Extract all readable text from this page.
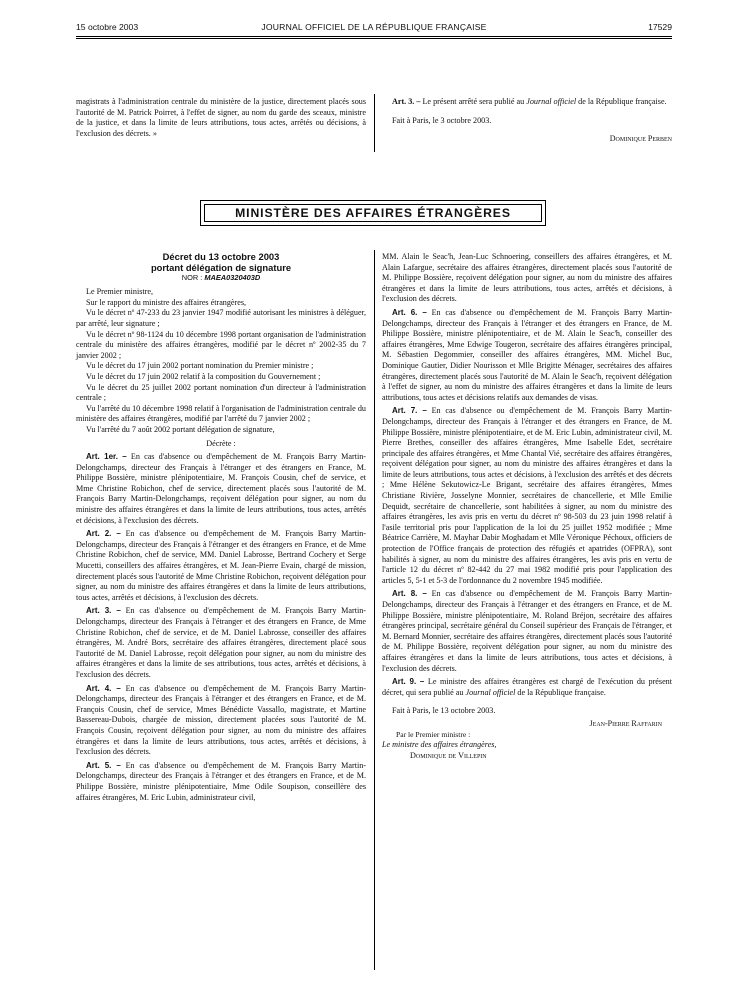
15 octobre 2003	JOURNAL OFFICIEL DE LA RÉPUBLIQUE FRANÇAISE	17529

magistrats à l'administration centrale du ministère de la justice, directement placés sous l'autorité de M. Patrick Poirret, à l'effet de signer, au nom du garde des sceaux, ministre de la justice, et dans la limite de leurs attributions, tous actes, arrêtés ou décisions, à l'exclusion des décrets. »

Art. 3. – Le présent arrêté sera publié au Journal officiel de la République française.

Fait à Paris, le 3 octobre 2003.

Dominique Perben
MINISTÈRE DES AFFAIRES ÉTRANGÈRES
Décret du 13 octobre 2003
portant délégation de signature
NOR : MAEA0320403D

Le Premier ministre,

Sur le rapport du ministre des affaires étrangères,

Vu le décret nº 47-233 du 23 janvier 1947 modifié autorisant les ministres à déléguer, par arrêté, leur signature ;

Vu le décret nº 98-1124 du 10 décembre 1998 portant organisation de l'administration centrale du ministère des affaires étrangères, modifié par le décret nº 2002-35 du 7 janvier 2002 ;

Vu le décret du 17 juin 2002 portant nomination du Premier ministre ;

Vu le décret du 17 juin 2002 relatif à la composition du Gouvernement ;

Vu le décret du 25 juillet 2002 portant nomination d'un directeur à l'administration centrale ;

Vu l'arrêté du 10 décembre 1998 relatif à l'organisation de l'administration centrale du ministère des affaires étrangères, modifié par l'arrêté du 7 janvier 2002 ;

Vu l'arrêté du 7 août 2002 portant délégation de signature,

Décrète :

Art. 1er. – En cas d'absence ou d'empêchement de M. François Barry Martin-Delongchamps, directeur des Français à l'étranger et des étrangers en France, M. Philippe Bossière, ministre plénipotentiaire, M. François Cousin, chef de service, et Mme Christine Robichon, chef de service, directement placés sous l'autorité de M. François Barry Martin-Delongchamps, reçoivent délégation pour signer, au nom du ministre des affaires étrangères et dans la limite de leurs attributions, tous actes, arrêtés et décisions, à l'exclusion des décrets.

Art. 2. – En cas d'absence ou d'empêchement de M. François Barry Martin-Delongchamps, directeur des Français à l'étranger et des étrangers en France, et de Mme Christine Robichon, chef de service, MM. Daniel Labrosse, Bertrand Cochery et Serge Mucetti, conseillers des affaires étrangères, et M. Jean-Pierre Evain, chargé de mission, directement placés sous l'autorité de Mme Christine Robichon, reçoivent délégation pour signer, au nom du ministre des affaires étrangères et dans la limite de leurs attributions, tous actes, arrêtés et décisions, à l'exclusion des décrets.

Art. 3. – En cas d'absence ou d'empêchement de M. François Barry Martin-Delongchamps, directeur des Français à l'étranger et des étrangers en France, de Mme Christine Robichon, chef de service, et de M. Daniel Labrosse, conseiller des affaires étrangères, M. André Bors, secrétaire des affaires étrangères, directement placé sous l'autorité de M. Daniel Labrosse, reçoit délégation pour signer, au nom du ministre des affaires étrangères et dans la limite de ses attributions, tous actes, arrêtés et décisions, à l'exclusion des décrets.

Art. 4. – En cas d'absence ou d'empêchement de M. François Barry Martin-Delongchamps, directeur des Français à l'étranger et des étrangers en France, et de M. François Cousin, chef de service, Mmes Bénédicte Vassallo, magistrate, et Martine Bassereau-Dubois, chargée de mission, directement placées sous l'autorité de M. François Cousin, reçoivent délégation pour signer, au nom du ministre des affaires étrangères et dans la limite de leurs attributions, tous actes, arrêtés et décisions, à l'exclusion des décrets.

Art. 5. – En cas d'absence ou d'empêchement de M. François Barry Martin-Delongchamps, directeur des Français à l'étranger et des étrangers en France, et de M. Philippe Bossière, ministre plénipotentiaire, Mme Odile Soupison, conseillère des affaires étrangères, M. Eric Lubin, administrateur civil,

MM. Alain le Seac'h, Jean-Luc Schnoering, conseillers des affaires étrangères, et M. Alain Lafargue, secrétaire des affaires étrangères, directement placés sous l'autorité de M. Philippe Bossière, reçoivent délégation pour signer, au nom du ministre des affaires étrangères et dans la limite de leurs attributions, tous actes, arrêtés et décisions, à l'exclusion des décrets.

Art. 6. – En cas d'absence ou d'empêchement de M. François Barry Martin-Delongchamps, directeur des Français à l'étranger et des étrangers en France, de M. Philippe Bossière, ministre plénipotentiaire, et de M. Alain le Seac'h, conseiller des affaires étrangères, Mme Edwige Tougeron, secrétaire des affaires étrangères principal, M. Sébastien Degommier, conseiller des affaires étrangères, MM. Michel Buc, Dominique Gautier, Didier Nourisson et Mlle Brigitte Ménager, secrétaires des affaires étrangères, directement placés sous l'autorité de M. Alain le Seac'h, reçoivent délégation à l'effet de signer, au nom du ministre des affaires étrangères et dans la limite de leurs attributions, tous actes et décisions relatifs aux demandes de visas.

Art. 7. – En cas d'absence ou d'empêchement de M. François Barry Martin-Delongchamps, directeur des Français à l'étranger et des étrangers en France, de M. Philippe Bossière, ministre plénipotentiaire, et de M. Eric Lubin, administrateur civil, M. Pierre Brethes, conseiller des affaires étrangères, Mme Isabelle Edet, secrétaire principale des affaires étrangères, et Mme Chantal Vié, secrétaire des affaires étrangères, reçoivent délégation pour signer, au nom du ministre des affaires étrangères et dans la limite de leurs attributions, tous actes et décisions, à l'exclusion des arrêtés et des décrets ; Mme Hélène Sekutowicz-Le Brigant, secrétaire des affaires étrangères, Mmes Christiane Rivière, Josselyne Monnier, secrétaires de chancellerie, et Mlle Emilie Dequidt, secrétaire de chancellerie, sont habilitées à signer, au nom du ministre des affaires étrangères, les avis pris en vertu du décret nº 98-503 du 23 juin 1998 relatif à l'asile territorial pris pour l'application de la loi du 25 juillet 1952 modifiée ; Mme Béatrice Carrière, M. Mayhar Dabir Moghadam et Mlle Véronique Péchoux, officiers de protection de l'Office français de protection des réfugiés et apatrides (OFPRA), sont habilités à signer, au nom du ministre des affaires étrangères, les avis pris en vertu de l'article 12 du décret nº 82-442 du 27 mai 1982 modifié pris pour l'application des articles 5, 5-1 et 5-3 de l'ordonnance du 2 novembre 1945 modifiée.

Art. 8. – En cas d'absence ou d'empêchement de M. François Barry Martin-Delongchamps, directeur des Français à l'étranger et des étrangers en France, et de M. Philippe Bossière, ministre plénipotentiaire, M. Roland Bréjon, secrétaire des affaires étrangères principal, secrétaire général du Conseil supérieur des Français de l'étranger, et M. Bernard Monnier, secrétaire des affaires étrangères, directement placés sous l'autorité de M. Philippe Bossière, reçoivent délégation pour signer, au nom du ministre des affaires étrangères et dans la limite de leurs attributions, tous actes et décisions, à l'exclusion des décrets.

Art. 9. – Le ministre des affaires étrangères est chargé de l'exécution du présent décret, qui sera publié au Journal officiel de la République française.

Fait à Paris, le 13 octobre 2003.

Jean-Pierre Raffarin

Par le Premier ministre :

Le ministre des affaires étrangères,

Dominique de Villepin
